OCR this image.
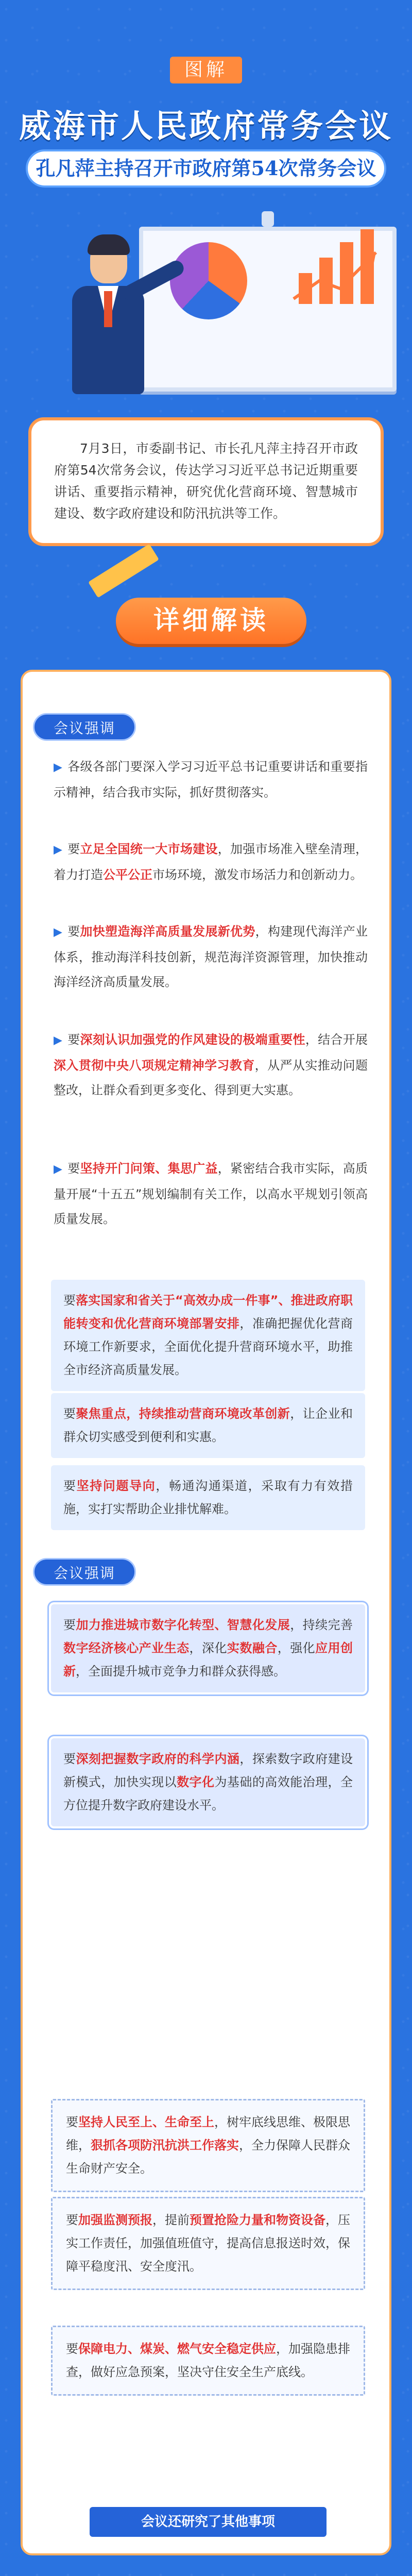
图解
威海市人民政府常务会议
孔凡萍主持召开市政府第54次常务会议
7月3日，市委副书记、市长孔凡萍主持召开市政府第54次常务会议，传达学习习近平总书记近期重要讲话、重要指示精神，研究优化营商环境、智慧城市建设、数字政府建设和防汛抗洪等工作。
详细解读
会议强调
▶ 各级各部门要深入学习习近平总书记重要讲话和重要指示精神，结合我市实际，抓好贯彻落实。
▶ 要立足全国统一大市场建设，加强市场准入壁垒清理，着力打造公平公正市场环境，激发市场活力和创新动力。
▶ 要加快塑造海洋高质量发展新优势，构建现代海洋产业体系，推动海洋科技创新，规范海洋资源管理，加快推动海洋经济高质量发展。
▶ 要深刻认识加强党的作风建设的极端重要性，结合开展深入贯彻中央八项规定精神学习教育，从严从实推动问题整改，让群众看到更多变化、得到更大实惠。
▶ 要坚持开门问策、集思广益，紧密结合我市实际，高质量开展“十五五”规划编制有关工作，以高水平规划引领高质量发展。
要落实国家和省关于“高效办成一件事”、推进政府职能转变和优化营商环境部署安排，准确把握优化营商环境工作新要求，全面优化提升营商环境水平，助推全市经济高质量发展。
要聚焦重点，持续推动营商环境改革创新，让企业和群众切实感受到便利和实惠。
要坚持问题导向，畅通沟通渠道，采取有力有效措施，实打实帮助企业排忧解难。
会议强调
要加力推进城市数字化转型、智慧化发展，持续完善数字经济核心产业生态，深化实数融合，强化应用创新，全面提升城市竞争力和群众获得感。
要深刻把握数字政府的科学内涵，探索数字政府建设新模式，加快实现以数字化为基础的高效能治理，全方位提升数字政府建设水平。
要坚持人民至上、生命至上，树牢底线思维、极限思维，狠抓各项防汛抗洪工作落实，全力保障人民群众生命财产安全。
要加强监测预报，提前预置抢险力量和物资设备，压实工作责任，加强值班值守，提高信息报送时效，保障平稳度汛、安全度汛。
要保障电力、煤炭、燃气安全稳定供应，加强隐患排查，做好应急预案，坚决守住安全生产底线。
会议还研究了其他事项
